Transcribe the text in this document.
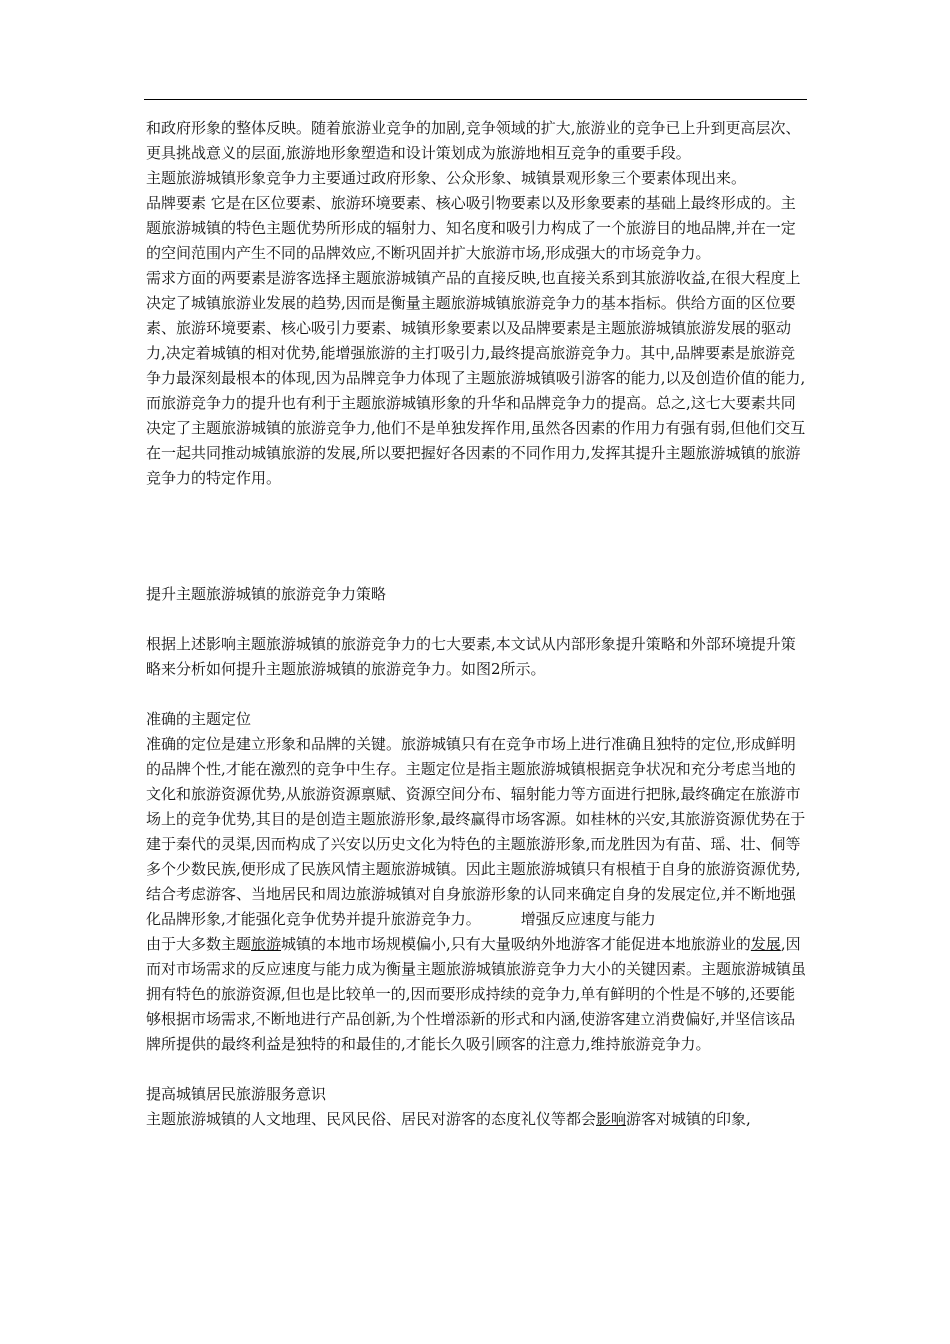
和政府形象的整体反映。随着旅游业竞争的加剧,竞争领域的扩大,旅游业的竞争已上升到更高层次、更具挑战意义的层面,旅游地形象塑造和设计策划成为旅游地相互竞争的重要手段。

主题旅游城镇形象竞争力主要通过政府形象、公众形象、城镇景观形象三个要素体现出来。

品牌要素 它是在区位要素、旅游环境要素、核心吸引物要素以及形象要素的基础上最终形成的。主题旅游城镇的特色主题优势所形成的辐射力、知名度和吸引力构成了一个旅游目的地品牌,并在一定的空间范围内产生不同的品牌效应,不断巩固并扩大旅游市场,形成强大的市场竞争力。

需求方面的两要素是游客选择主题旅游城镇产品的直接反映,也直接关系到其旅游收益,在很大程度上决定了城镇旅游业发展的趋势,因而是衡量主题旅游城镇旅游竞争力的基本指标。供给方面的区位要素、旅游环境要素、核心吸引力要素、城镇形象要素以及品牌要素是主题旅游城镇旅游发展的驱动力,决定着城镇的相对优势,能增强旅游的主打吸引力,最终提高旅游竞争力。其中,品牌要素是旅游竞争力最深刻最根本的体现,因为品牌竞争力体现了主题旅游城镇吸引游客的能力,以及创造价值的能力,而旅游竞争力的提升也有利于主题旅游城镇形象的升华和品牌竞争力的提高。总之,这七大要素共同决定了主题旅游城镇的旅游竞争力,他们不是单独发挥作用,虽然各因素的作用力有强有弱,但他们交互在一起共同推动城镇旅游的发展,所以要把握好各因素的不同作用力,发挥其提升主题旅游城镇的旅游竞争力的特定作用。

提升主题旅游城镇的旅游竞争力策略

根据上述影响主题旅游城镇的旅游竞争力的七大要素,本文试从内部形象提升策略和外部环境提升策略来分析如何提升主题旅游城镇的旅游竞争力。如图2所示。

准确的主题定位

准确的定位是建立形象和品牌的关键。旅游城镇只有在竞争市场上进行准确且独特的定位,形成鲜明的品牌个性,才能在激烈的竞争中生存。主题定位是指主题旅游城镇根据竞争状况和充分考虑当地的文化和旅游资源优势,从旅游资源禀赋、资源空间分布、辐射能力等方面进行把脉,最终确定在旅游市场上的竞争优势,其目的是创造主题旅游形象,最终赢得市场客源。如桂林的兴安,其旅游资源优势在于建于秦代的灵渠,因而构成了兴安以历史文化为特色的主题旅游形象,而龙胜因为有苗、瑶、壮、侗等多个少数民族,便形成了民族风情主题旅游城镇。因此主题旅游城镇只有根植于自身的旅游资源优势,结合考虑游客、当地居民和周边旅游城镇对自身旅游形象的认同来确定自身的发展定位,并不断地强化品牌形象,才能强化竞争优势并提升旅游竞争力。	增强反应速度与能力

由于大多数主题旅游城镇的本地市场规模偏小,只有大量吸纳外地游客才能促进本地旅游业的发展,因而对市场需求的反应速度与能力成为衡量主题旅游城镇旅游竞争力大小的关键因素。主题旅游城镇虽拥有特色的旅游资源,但也是比较单一的,因而要形成持续的竞争力,单有鲜明的个性是不够的,还要能够根据市场需求,不断地进行产品创新,为个性增添新的形式和内涵,使游客建立消费偏好,并坚信该品牌所提供的最终利益是独特的和最佳的,才能长久吸引顾客的注意力,维持旅游竞争力。

提高城镇居民旅游服务意识

主题旅游城镇的人文地理、民风民俗、居民对游客的态度礼仪等都会影响游客对城镇的印象,
